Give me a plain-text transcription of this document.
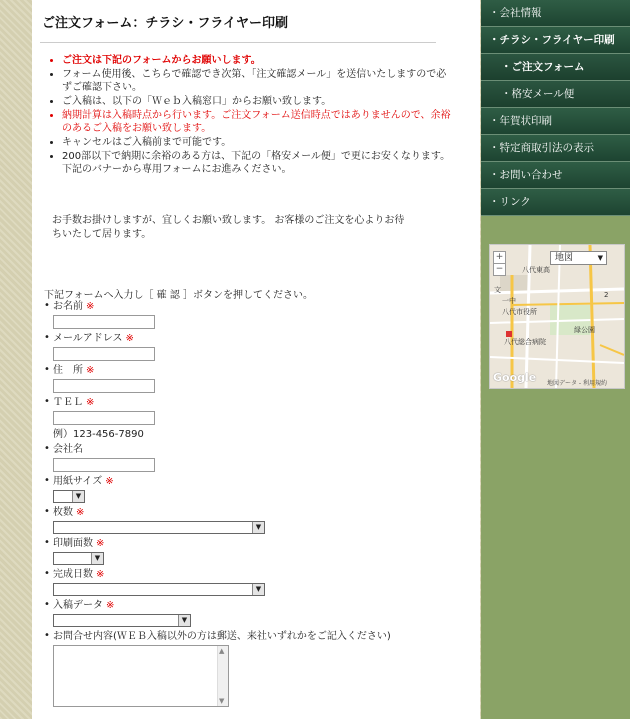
ご注文フォーム：チラシ・フライヤー印刷
• ご注文は下記のフォームからお願いします。
• フォーム使用後、こちらで確認でき次第、「注文確認メール」を送信いたしますので必ずご確認下さい。
• ご入稿は、以下の「Ｗｅｂ入稿窓口」からお願い致します。
• 納期計算は入稿時点から行います。ご注文フォーム送信時点ではありませんので、余裕のあるご入稿をお願い致します。
• キャンセルはご入稿前まで可能です。
• 200部以下で納期に余裕のある方は、下記の「格安メール便」で更にお安くなります。下記のバナーから専用フォームにお進みください。
お手数お掛けしますが、宜しくお願い致します。 お客様のご注文を心よりお待ちいたして居ります。
下記フォームへ入力し［ 確 認 ］ボタンを押してください。
• お名前 ※
• メールアドレス ※
• 住　所 ※
• ＴＥＬ ※
例）123-456-7890
• 会社名
• 用紙サイズ ※
▼
• 枚数 ※
▼
• 印刷面数 ※
▼
• 完成日数 ※
▼
• 入稿データ ※
▼
• お問合せ内容(ＷＥＢ入稿以外の方は郵送、来社いずれかをご記入ください)
▲
▼
・会社情報
・チラシ・フライヤー印刷
・ご注文フォーム
・格安メール便
・年賀状印刷
・特定商取引法の表示
・お問い合わせ
・リンク
地図	▼
+
−	八代東高
文
一中
八代市役所
八代総合病院
緑公園
2
Google 地図データ - 利用規約
